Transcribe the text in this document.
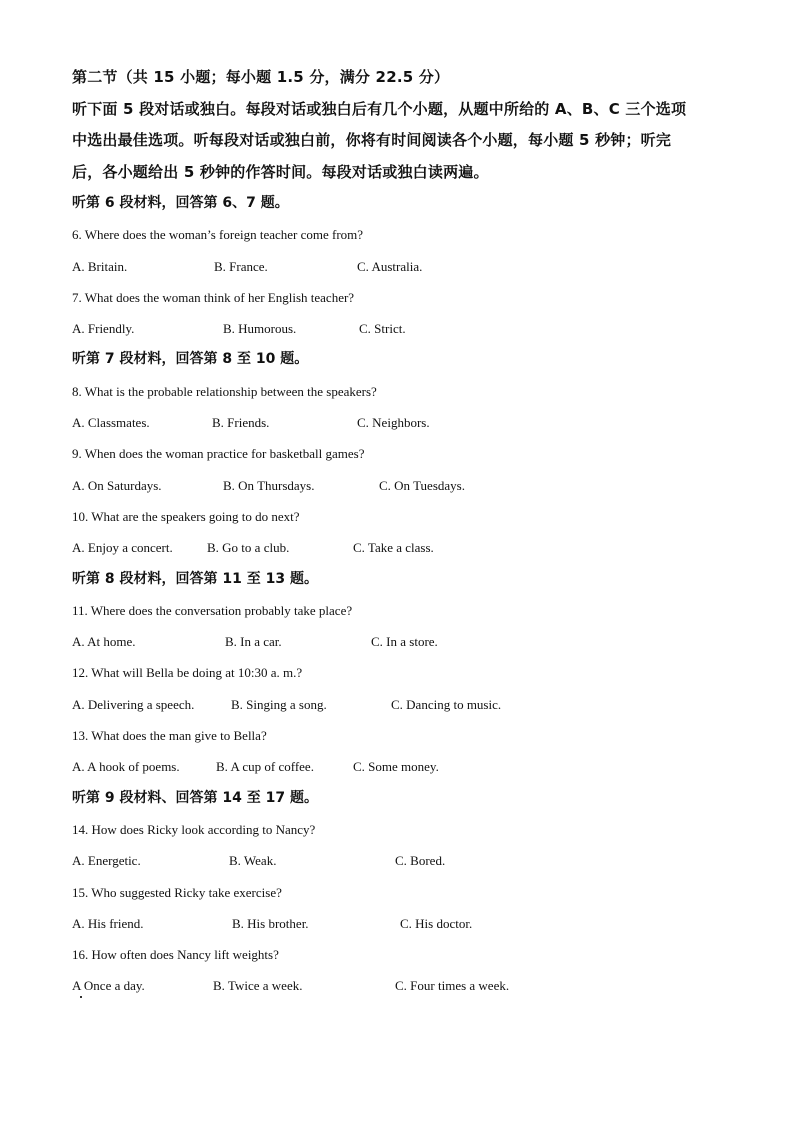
第二节（共 15 小题；每小题 1.5 分，满分 22.5 分）

听下面 5 段对话或独白。每段对话或独白后有几个小题，从题中所给的 A、B、C 三个选项

中选出最佳选项。听每段对话或独白前，你将有时间阅读各个小题，每小题 5 秒钟；听完

后，各小题给出 5 秒钟的作答时间。每段对话或独白读两遍。

听第 6 段材料，回答第 6、7 题。
6. Where does the woman’s foreign teacher come from?
A. Britain.	B. France.	C. Australia.
7. What does the woman think of her English teacher?
A. Friendly.	B. Humorous.	C. Strict.
听第 7 段材料，回答第 8 至 10 题。
8. What is the probable relationship between the speakers?
A. Classmates.	B. Friends.	C. Neighbors.
9. When does the woman practice for basketball games?
A. On Saturdays.	B. On Thursdays.	C. On Tuesdays.
10. What are the speakers going to do next?
A. Enjoy a concert.	B. Go to a club.	C. Take a class.
听第 8 段材料，回答第 11 至 13 题。
11. Where does the conversation probably take place?
A. At home.	B. In a car.	C. In a store.
12. What will Bella be doing at 10:30 a. m.?
A. Delivering a speech.	B. Singing a song.	C. Dancing to music.
13. What does the man give to Bella?
A. A hook of poems.	B. A cup of coffee.	C. Some money.
听第 9 段材料、回答第 14 至 17 题。
14. How does Ricky look according to Nancy?
A. Energetic.	B. Weak.	C. Bored.
15. Who suggested Ricky take exercise?
A. His friend.	B. His brother.	C. His doctor.
16. How often does Nancy lift weights?
A Once a day.	B. Twice a week.	C. Four times a week.
